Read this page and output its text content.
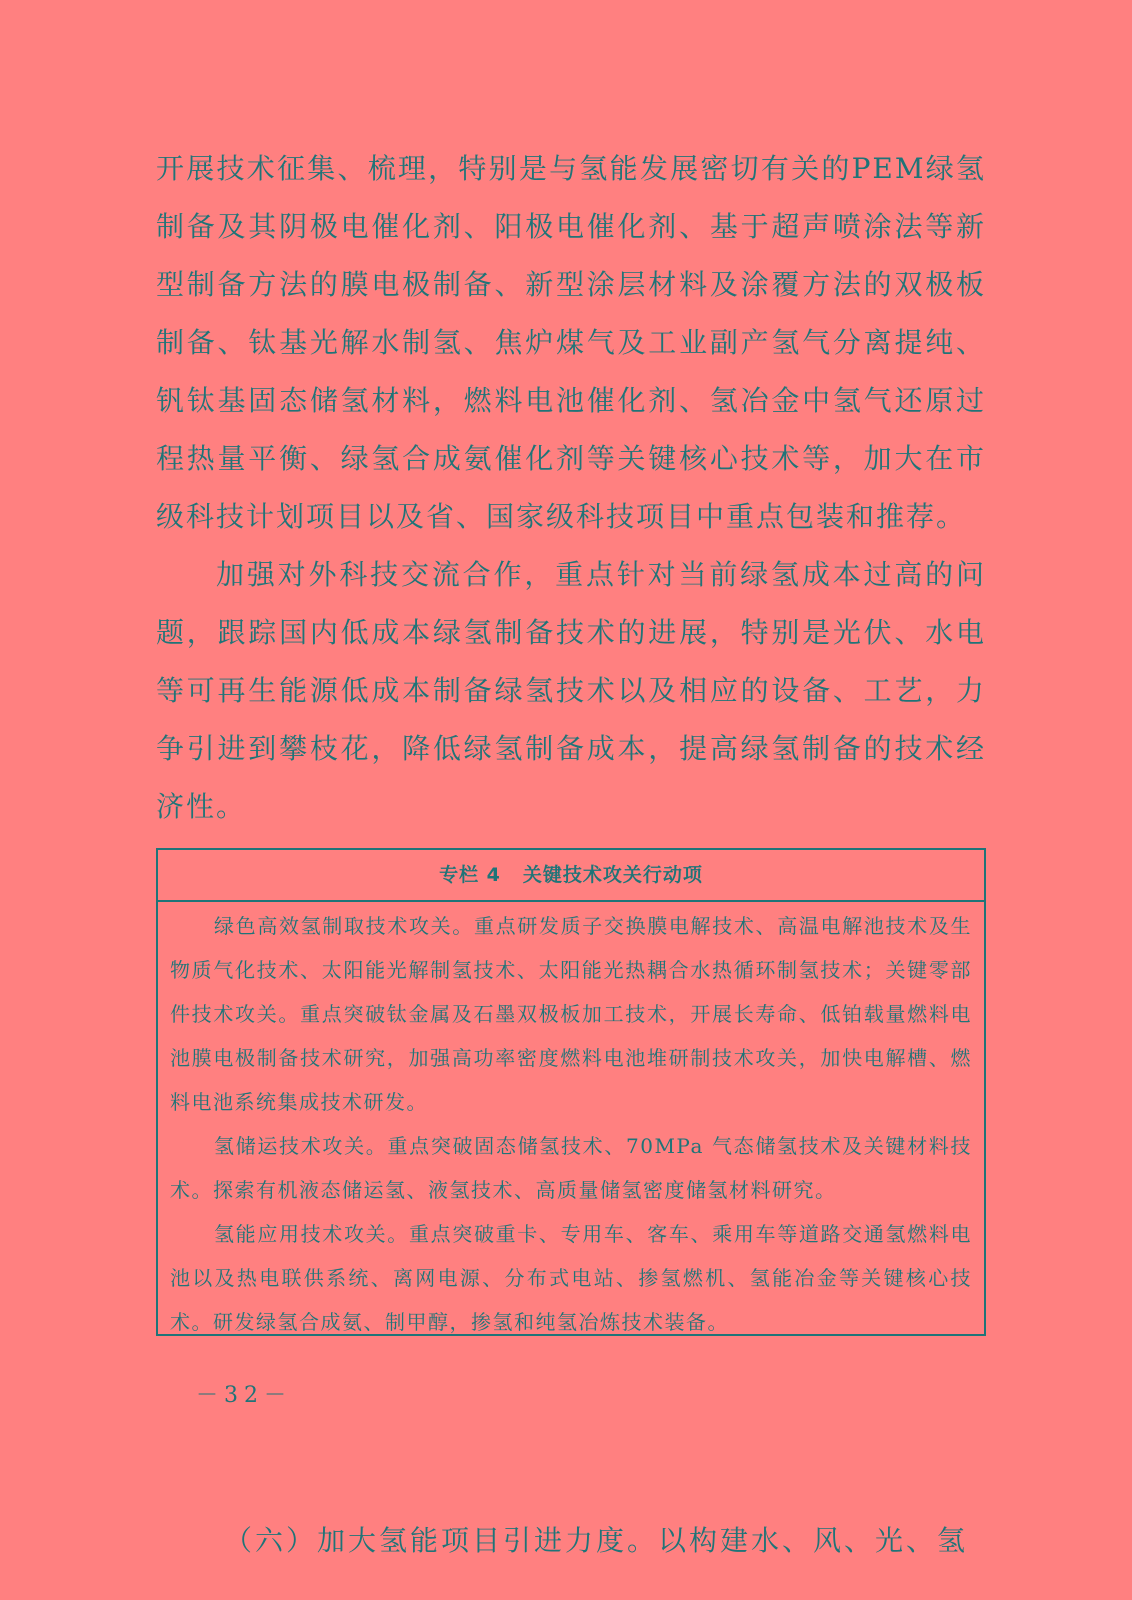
开展技术征集、梳理，特别是与氢能发展密切有关的PEM绿氢制备及其阴极电催化剂、阳极电催化剂、基于超声喷涂法等新型制备方法的膜电极制备、新型涂层材料及涂覆方法的双极板制备、钛基光解水制氢、焦炉煤气及工业副产氢气分离提纯、钒钛基固态储氢材料，燃料电池催化剂、氢冶金中氢气还原过程热量平衡、绿氢合成氨催化剂等关键核心技术等，加大在市级科技计划项目以及省、国家级科技项目中重点包装和推荐。

加强对外科技交流合作，重点针对当前绿氢成本过高的问题，跟踪国内低成本绿氢制备技术的进展，特别是光伏、水电等可再生能源低成本制备绿氢技术以及相应的设备、工艺，力争引进到攀枝花，降低绿氢制备成本，提高绿氢制备的技术经济性。

专栏 4 关键技术攻关行动项

绿色高效氢制取技术攻关。重点研发质子交换膜电解技术、高温电解池技术及生物质气化技术、太阳能光解制氢技术、太阳能光热耦合水热循环制氢技术；关键零部件技术攻关。重点突破钛金属及石墨双极板加工技术，开展长寿命、低铂载量燃料电池膜电极制备技术研究，加强高功率密度燃料电池堆研制技术攻关，加快电解槽、燃料电池系统集成技术研发。

氢储运技术攻关。重点突破固态储氢技术、70MPa 气态储氢技术及关键材料技术。探索有机液态储运氢、液氢技术、高质量储氢密度储氢材料研究。

氢能应用技术攻关。重点突破重卡、专用车、客车、乘用车等道路交通氢燃料电池以及热电联供系统、离网电源、分布式电站、掺氢燃机、氢能冶金等关键核心技术。研发绿氢合成氨、制甲醇，掺氢和纯氢冶炼技术装备。

－32－
（六）加大氢能项目引进力度。以构建水、风、光、氢
